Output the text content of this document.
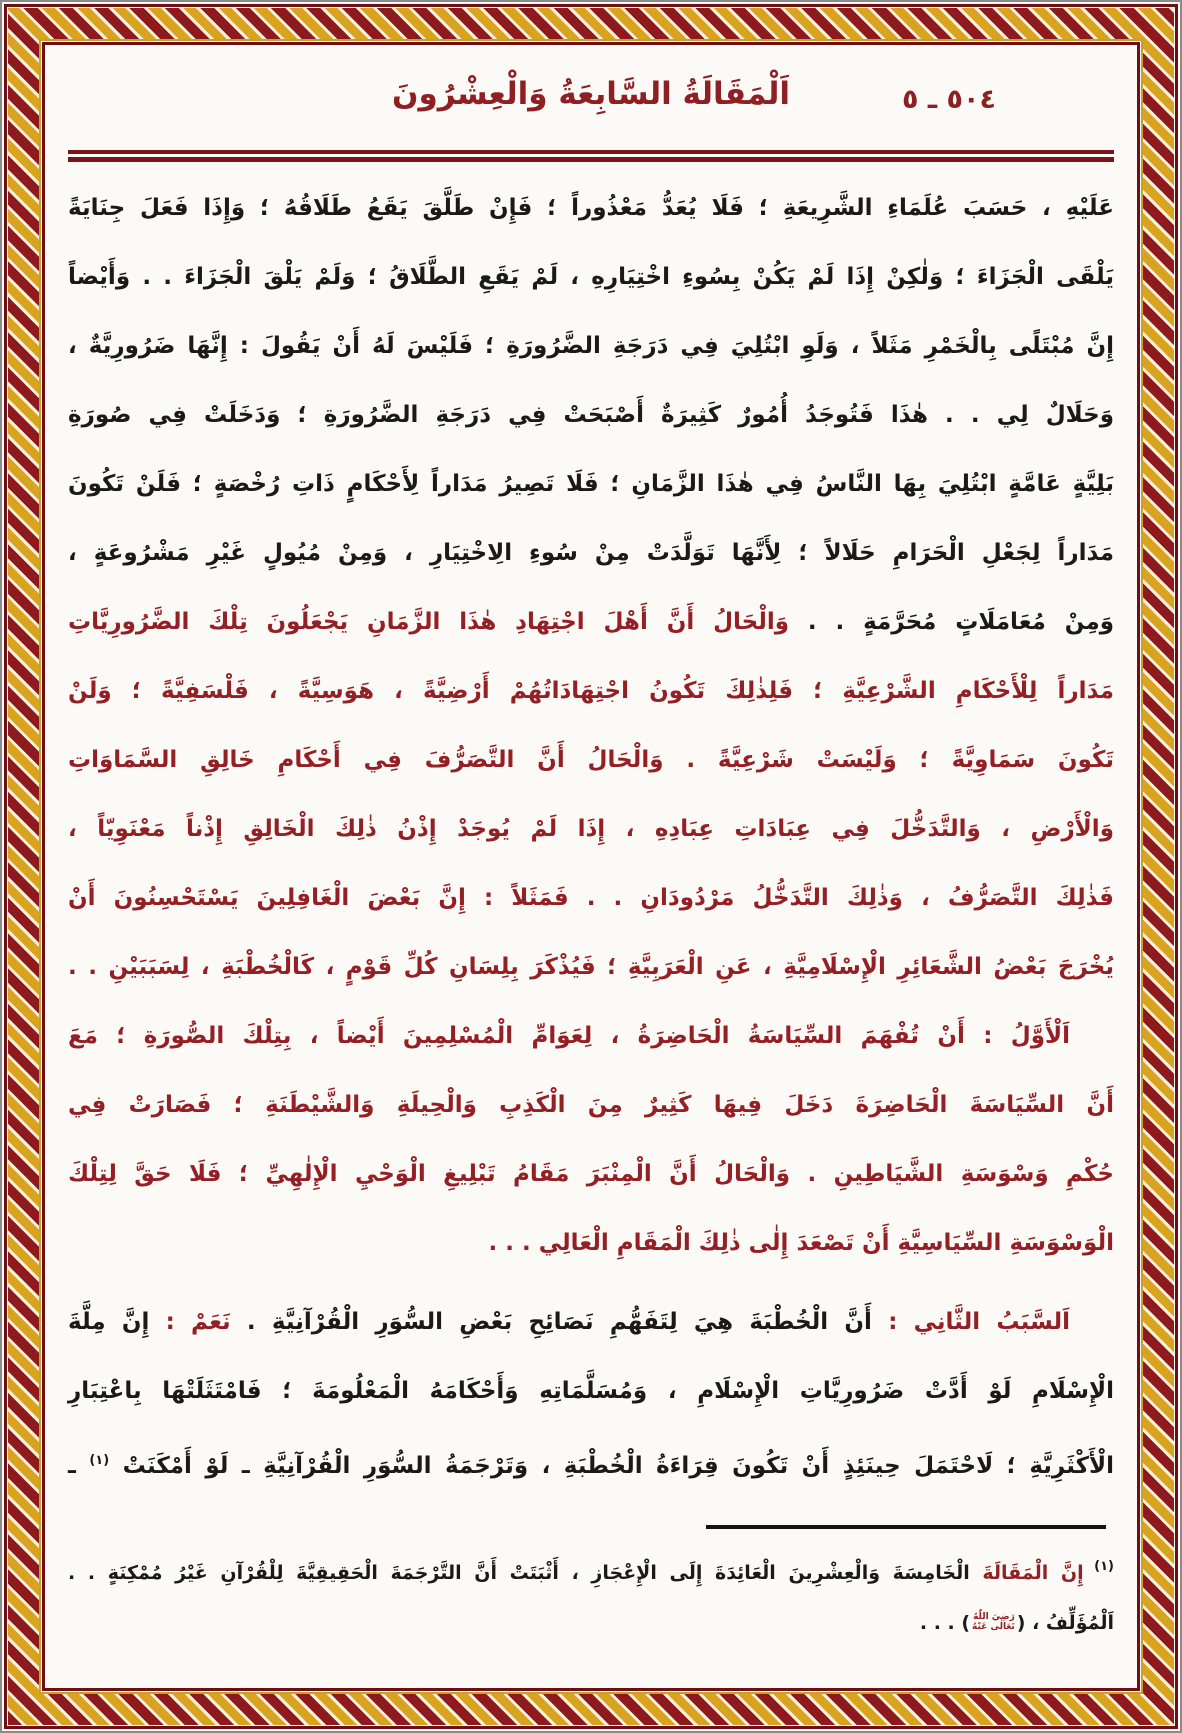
٥٠٤ ـ ٥
اَلْمَقَالَةُ السَّابِعَةُ وَالْعِشْرُونَ
عَلَيْهِ ، حَسَبَ عُلَمَاءِ الشَّرِيعَةِ ؛ فَلَا يُعَدُّ مَعْذُوراً ؛ فَإِنْ طَلَّقَ يَقَعُ طَلَاقُهُ ؛ وَإِذَا فَعَلَ جِنَايَةً
يَلْقَى الْجَزَاءَ ؛ وَلٰكِنْ إِذَا لَمْ يَكُنْ بِسُوءِ اخْتِيَارِهِ ، لَمْ يَقَعِ الطَّلَاقُ ؛ وَلَمْ يَلْقَ الْجَزَاءَ . . وَأَيْضاً
إِنَّ مُبْتَلًى بِالْخَمْرِ مَثَلاً ، وَلَوِ ابْتُلِيَ فِي دَرَجَةِ الضَّرُورَةِ ؛ فَلَيْسَ لَهُ أَنْ يَقُولَ : إِنَّهَا ضَرُورِيَّةٌ ،
وَحَلَالٌ لِي . . هٰذَا فَتُوجَدُ أُمُورٌ كَثِيرَةٌ أَصْبَحَتْ فِي دَرَجَةِ الضَّرُورَةِ ؛ وَدَخَلَتْ فِي صُورَةِ
بَلِيَّةٍ عَامَّةٍ ابْتُلِيَ بِهَا النَّاسُ فِي هٰذَا الزَّمَانِ ؛ فَلَا تَصِيرُ مَدَاراً لِأَحْكَامٍ ذَاتِ رُخْصَةٍ ؛ فَلَنْ تَكُونَ
مَدَاراً لِجَعْلِ الْحَرَامِ حَلَالاً ؛ لِأَنَّهَا تَوَلَّدَتْ مِنْ سُوءِ الِاخْتِيَارِ ، وَمِنْ مُيُولٍ غَيْرِ مَشْرُوعَةٍ ،
وَمِنْ مُعَامَلَاتٍ مُحَرَّمَةٍ . . وَالْحَالُ أَنَّ أَهْلَ اجْتِهَادِ هٰذَا الزَّمَانِ يَجْعَلُونَ تِلْكَ الضَّرُورِيَّاتِ
مَدَاراً لِلْأَحْكَامِ الشَّرْعِيَّةِ ؛ فَلِذٰلِكَ تَكُونُ اجْتِهَادَاتُهُمْ أَرْضِيَّةً ، هَوَسِيَّةً ، فَلْسَفِيَّةً ؛ وَلَنْ
تَكُونَ سَمَاوِيَّةً ؛ وَلَيْسَتْ شَرْعِيَّةً . وَالْحَالُ أَنَّ التَّصَرُّفَ فِي أَحْكَامِ خَالِقِ السَّمَاوَاتِ
وَالْأَرْضِ ، وَالتَّدَخُّلَ فِي عِبَادَاتِ عِبَادِهِ ، إِذَا لَمْ يُوجَدْ إِذْنُ ذٰلِكَ الْخَالِقِ إِذْناً مَعْنَوِيّاً ،
فَذٰلِكَ التَّصَرُّفُ ، وَذٰلِكَ التَّدَخُّلُ مَرْدُودَانِ . . فَمَثَلاً : إِنَّ بَعْضَ الْغَافِلِينَ يَسْتَحْسِنُونَ أَنْ
يُخْرَجَ بَعْضُ الشَّعَائِرِ الْإِسْلَامِيَّةِ ، عَنِ الْعَرَبِيَّةِ ؛ فَيُذْكَرَ بِلِسَانِ كُلِّ قَوْمٍ ، كَالْخُطْبَةِ ، لِسَبَبَيْنِ . .
اَلْأَوَّلُ : أَنْ تُفْهَمَ السِّيَاسَةُ الْحَاضِرَةُ ، لِعَوَامِّ الْمُسْلِمِينَ أَيْضاً ، بِتِلْكَ الصُّورَةِ ؛ مَعَ
أَنَّ السِّيَاسَةَ الْحَاضِرَةَ دَخَلَ فِيهَا كَثِيرٌ مِنَ الْكَذِبِ وَالْحِيلَةِ وَالشَّيْطَنَةِ ؛ فَصَارَتْ فِي
حُكْمِ وَسْوَسَةِ الشَّيَاطِينِ . وَالْحَالُ أَنَّ الْمِنْبَرَ مَقَامُ تَبْلِيغِ الْوَحْيِ الْإِلٰهِيِّ ؛ فَلَا حَقَّ لِتِلْكَ
الْوَسْوَسَةِ السِّيَاسِيَّةِ أَنْ تَصْعَدَ إِلٰى ذٰلِكَ الْمَقَامِ الْعَالِي . . .
اَلسَّبَبُ الثَّانِي : أَنَّ الْخُطْبَةَ هِيَ لِتَفَهُّمِ نَصَائِحِ بَعْضِ السُّوَرِ الْقُرْآنِيَّةِ . نَعَمْ : إِنَّ مِلَّةَ
الْإِسْلَامِ لَوْ أَدَّتْ ضَرُورِيَّاتِ الْإِسْلَامِ ، وَمُسَلَّمَاتِهِ وَأَحْكَامَهُ الْمَعْلُومَةَ ؛ فَامْتَثَلَتْهَا بِاعْتِبَارِ
الْأَكْثَرِيَّةِ ؛ لَاحْتَمَلَ حِينَئِذٍ أَنْ تَكُونَ قِرَاءَةُ الْخُطْبَةِ ، وَتَرْجَمَةُ السُّوَرِ الْقُرْآنِيَّةِ ـ لَوْ أَمْكَنَتْ $^{(١)}$ ـ
$^{(١)}$ إِنَّ الْمَقَالَةَ الْخَامِسَةَ وَالْعِشْرِينَ الْعَائِدَةَ إِلَى الْإِعْجَازِ ، أَثْبَتَتْ أَنَّ التَّرْجَمَةَ الْحَقِيقِيَّةَ لِلْقُرْآنِ غَيْرُ مُمْكِنَةٍ . .
اَلْمُؤَلِّفُ ، (
رَضِيَ اللّٰهُ
تَعَالٰى عَنْهُ
) . . .
